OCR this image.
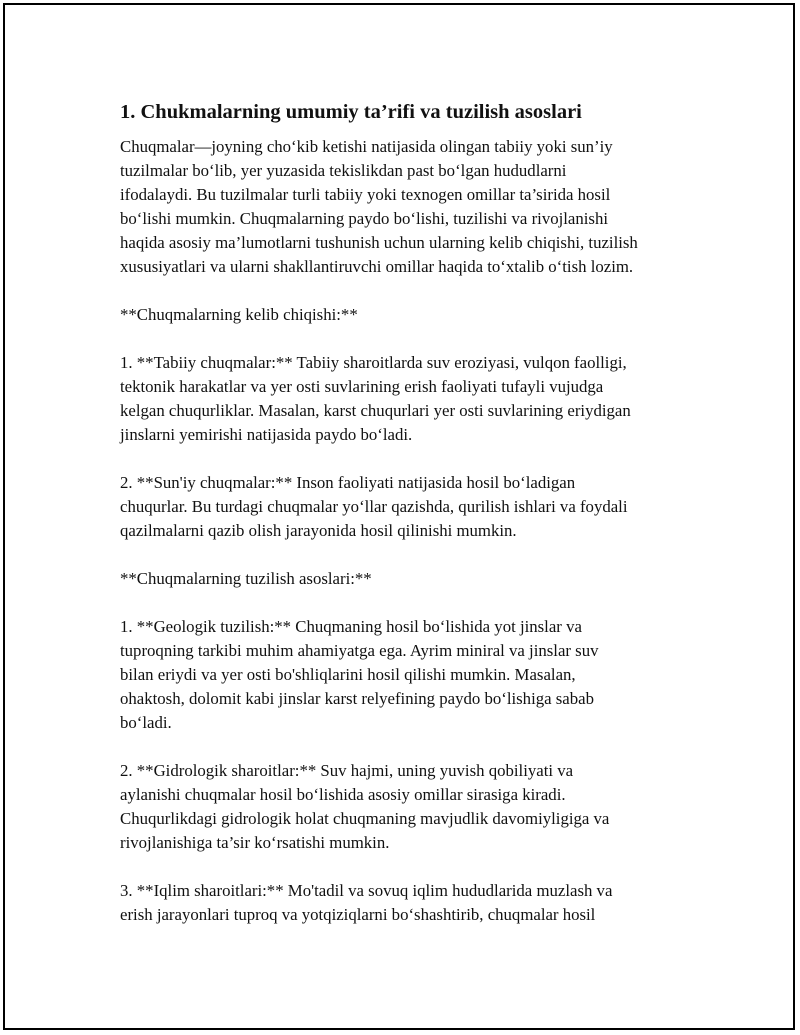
1. Chukmalarning umumiy ta’rifi va tuzilish asoslari

Chuqmalar—joyning cho‘kib ketishi natijasida olingan tabiiy yoki sun’iy
tuzilmalar bo‘lib, yer yuzasida tekislikdan past bo‘lgan hududlarni
ifodalaydi. Bu tuzilmalar turli tabiiy yoki texnogen omillar ta’sirida hosil
bo‘lishi mumkin. Chuqmalarning paydo bo‘lishi, tuzilishi va rivojlanishi
haqida asosiy ma’lumotlarni tushunish uchun ularning kelib chiqishi, tuzilish
xususiyatlari va ularni shakllantiruvchi omillar haqida to‘xtalib o‘tish lozim.

**Chuqmalarning kelib chiqishi:**

1. **Tabiiy chuqmalar:** Tabiiy sharoitlarda suv eroziyasi, vulqon faolligi,
tektonik harakatlar va yer osti suvlarining erish faoliyati tufayli vujudga
kelgan chuqurliklar. Masalan, karst chuqurlari yer osti suvlarining eriydigan
jinslarni yemirishi natijasida paydo bo‘ladi.

2. **Sun'iy chuqmalar:** Inson faoliyati natijasida hosil bo‘ladigan
chuqurlar. Bu turdagi chuqmalar yo‘llar qazishda, qurilish ishlari va foydali
qazilmalarni qazib olish jarayonida hosil qilinishi mumkin.

**Chuqmalarning tuzilish asoslari:**

1. **Geologik tuzilish:** Chuqmaning hosil bo‘lishida yot jinslar va
tuproqning tarkibi muhim ahamiyatga ega. Ayrim miniral va jinslar suv
bilan eriydi va yer osti bo'shliqlarini hosil qilishi mumkin. Masalan,
ohaktosh, dolomit kabi jinslar karst relyefining paydo bo‘lishiga sabab
bo‘ladi.

2. **Gidrologik sharoitlar:** Suv hajmi, uning yuvish qobiliyati va
aylanishi chuqmalar hosil bo‘lishida asosiy omillar sirasiga kiradi.
Chuqurlikdagi gidrologik holat chuqmaning mavjudlik davomiyligiga va
rivojlanishiga ta’sir ko‘rsatishi mumkin.

3. **Iqlim sharoitlari:** Mo'tadil va sovuq iqlim hududlarida muzlash va
erish jarayonlari tuproq va yotqiziqlarni bo‘shashtirib, chuqmalar hosil
